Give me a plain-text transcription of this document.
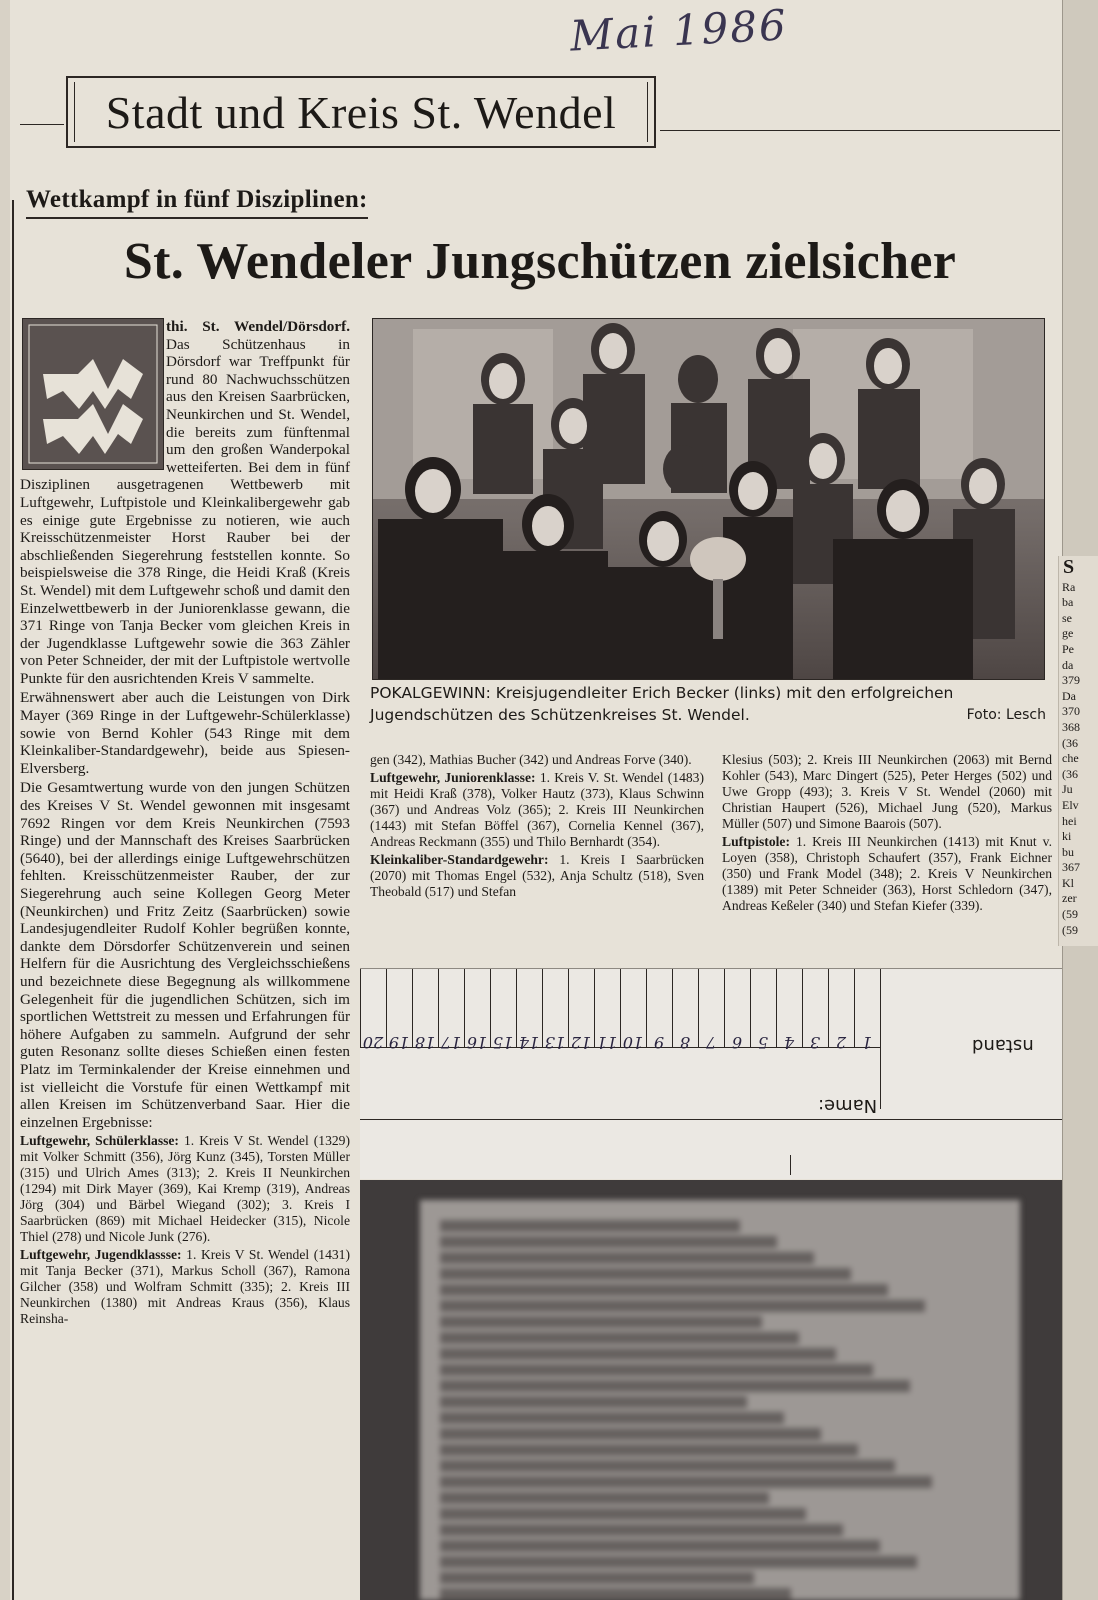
Mai 1986
Stadt und Kreis St. Wendel
Wettkampf in fünf Disziplinen:
St. Wendeler Jungschützen zielsicher

thi. St. Wendel/Dörsdorf. Das Schützenhaus in Dörsdorf war Treffpunkt für rund 80 Nachwuchsschützen aus den Kreisen Saarbrücken, Neunkirchen und St. Wendel, die bereits zum fünftenmal um den großen Wanderpokal wetteiferten. Bei dem in fünf Disziplinen ausgetragenen Wettbewerb mit Luftgewehr, Luftpistole und Kleinkalibergewehr gab es einige gute Ergebnisse zu notieren, wie auch Kreisschützenmeister Horst Rauber bei der abschließenden Siegerehrung feststellen konnte. So beispielsweise die 378 Ringe, die Heidi Kraß (Kreis St. Wendel) mit dem Luftgewehr schoß und damit den Einzelwettbewerb in der Juniorenklasse gewann, die 371 Ringe von Tanja Becker vom gleichen Kreis in der Jugendklasse Luftgewehr sowie die 363 Zähler von Peter Schneider, der mit der Luftpistole wertvolle Punkte für den ausrichtenden Kreis V sammelte.

Erwähnenswert aber auch die Leistungen von Dirk Mayer (369 Ringe in der Luftgewehr-Schülerklasse) sowie von Bernd Kohler (543 Ringe mit dem Kleinkaliber-Standardgewehr), beide aus Spiesen-Elversberg.

Die Gesamtwertung wurde von den jungen Schützen des Kreises V St. Wendel gewonnen mit insgesamt 7692 Ringen vor dem Kreis Neunkirchen (7593 Ringe) und der Mannschaft des Kreises Saarbrücken (5640), bei der allerdings einige Luftgewehrschützen fehlten. Kreisschützenmeister Rauber, der zur Siegerehrung auch seine Kollegen Georg Meter (Neunkirchen) und Fritz Zeitz (Saarbrücken) sowie Landesjugendleiter Rudolf Kohler begrüßen konnte, dankte dem Dörsdorfer Schützenverein und seinen Helfern für die Ausrichtung des Vergleichsschießens und bezeichnete diese Begegnung als willkommene Gelegenheit für die jugendlichen Schützen, sich im sportlichen Wettstreit zu messen und Erfahrungen für höhere Aufgaben zu sammeln. Aufgrund der sehr guten Resonanz sollte dieses Schießen einen festen Platz im Terminkalender der Kreise einnehmen und ist vielleicht die Vorstufe für einen Wettkampf mit allen Kreisen im Schützenverband Saar. Hier die einzelnen Ergebnisse:

Luftgewehr, Schülerklasse: 1. Kreis V St. Wendel (1329) mit Volker Schmitt (356), Jörg Kunz (345), Torsten Müller (315) und Ulrich Ames (313); 2. Kreis II Neunkirchen (1294) mit Dirk Mayer (369), Kai Kremp (319), Andreas Jörg (304) und Bärbel Wiegand (302); 3. Kreis I Saarbrücken (869) mit Michael Heidecker (315), Nicole Thiel (278) und Nicole Junk (276).

Luftgewehr, Jugendklassse: 1. Kreis V St. Wendel (1431) mit Tanja Becker (371), Markus Scholl (367), Ramona Gilcher (358) und Wolfram Schmitt (335); 2. Kreis III Neunkirchen (1380) mit Andreas Kraus (356), Klaus Reinsha-

POKALGEWINN: Kreisjugendleiter Erich Becker (links) mit den erfolgreichen Jugendschützen des Schützenkreises St. Wendel.	Foto: Lesch

gen (342), Mathias Bucher (342) und Andreas Forve (340).

Luftgewehr, Juniorenklasse: 1. Kreis V. St. Wendel (1483) mit Heidi Kraß (378), Volker Hautz (373), Klaus Schwinn (367) und Andreas Volz (365); 2. Kreis III Neunkirchen (1443) mit Stefan Böffel (367), Cornelia Kennel (367), Andreas Reckmann (355) und Thilo Bernhardt (354).

Kleinkaliber-Standardgewehr: 1. Kreis I Saarbrücken (2070) mit Thomas Engel (532), Anja Schultz (518), Sven Theobald (517) und Stefan

Klesius (503); 2. Kreis III Neunkirchen (2063) mit Bernd Kohler (543), Marc Dingert (525), Peter Herges (502) und Uwe Gropp (493); 3. Kreis V St. Wendel (2060) mit Christian Haupert (526), Michael Jung (520), Markus Müller (507) und Simone Baarois (507).

Luftpistole: 1. Kreis III Neunkirchen (1413) mit Knut v. Loyen (358), Christoph Schaufert (357), Frank Eichner (350) und Frank Model (348); 2. Kreis V Neunkirchen (1389) mit Peter Schneider (363), Horst Schledorn (347), Andreas Keßeler (340) und Stefan Kiefer (339).

S
Ra
ba
se
ge
Pe
da
379
Da
370
368
(36
che
(36
Ju
Elv
hei
ki
bu
367
Kl
zer
(59
(59
1
2
3
4
5
6
7
8
9
10
11
12
13
14
15
16
17
18
19
20	nstand
Name:
